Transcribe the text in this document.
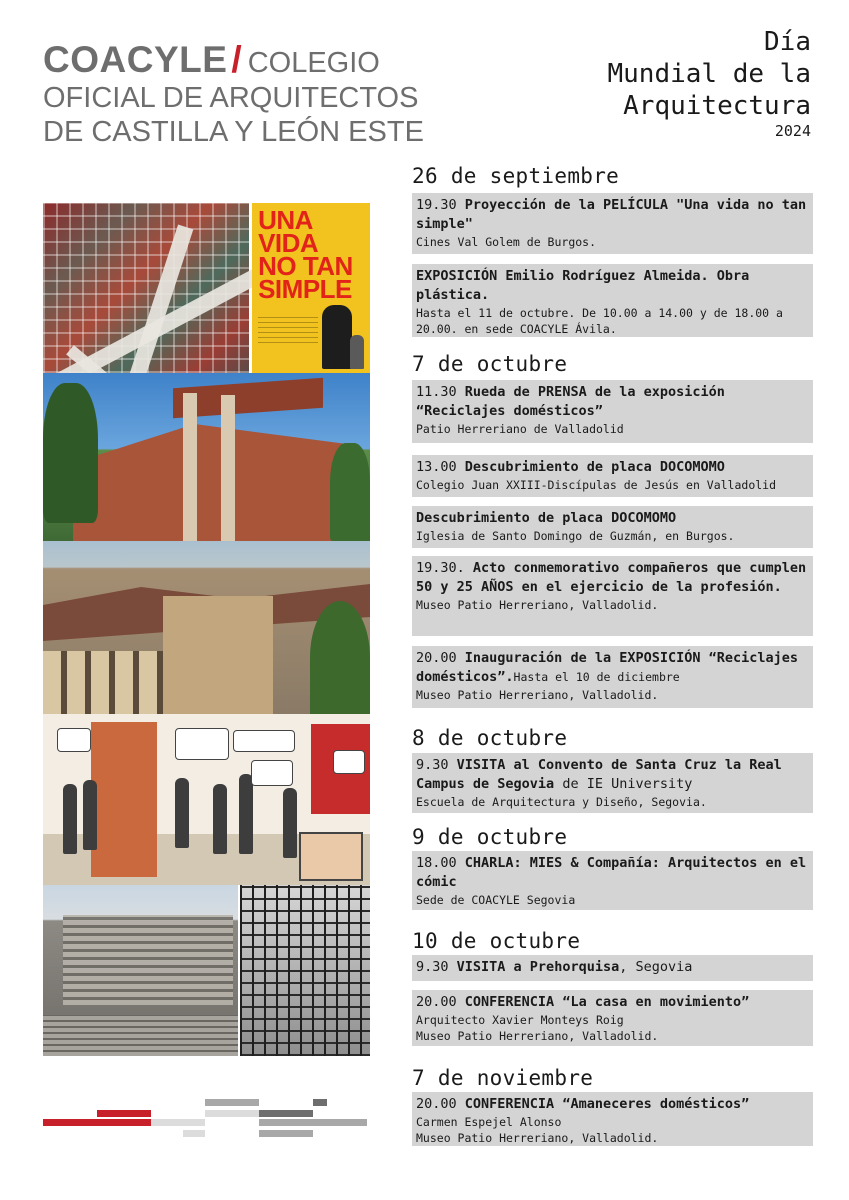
COACYLE / COLEGIO
OFICIAL DE ARQUITECTOS
DE CASTILLA Y LEÓN ESTE
Día
Mundial de la
Arquitectura
2024
UNA
VIDA
NO TAN
SIMPLE
26 de septiembre
19.30 Proyección de la PELÍCULA "Una vida no tan simple"
Cines Val Golem de Burgos.
EXPOSICIÓN Emilio Rodríguez Almeida. Obra plástica.
Hasta el 11 de octubre. De 10.00 a 14.00 y de 18.00 a
20.00. en sede COACYLE Ávila.
7 de octubre
11.30 Rueda de PRENSA de la exposición “Reciclajes domésticos”
Patio Herreriano de Valladolid
13.00 Descubrimiento de placa DOCOMOMO
Colegio Juan XXIII-Discípulas de Jesús en Valladolid
Descubrimiento de placa DOCOMOMO
Iglesia de Santo Domingo de Guzmán, en Burgos.
19.30. Acto conmemorativo compañeros que cumplen 50 y 25 AÑOS en el ejercicio de la profesión.
Museo Patio Herreriano, Valladolid.
20.00 Inauguración de la EXPOSICIÓN “Reciclajes domésticos”.Hasta el 10 de diciembre
Museo Patio Herreriano, Valladolid.
8 de octubre
9.30 VISITA al Convento de Santa Cruz la Real Campus de Segovia de IE University
Escuela de Arquitectura y Diseño, Segovia.
9 de octubre
18.00 CHARLA: MIES & Compañía: Arquitectos en el cómic
Sede de COACYLE Segovia
10 de octubre
9.30 VISITA a Prehorquisa, Segovia
20.00 CONFERENCIA “La casa en movimiento”
Arquitecto Xavier Monteys Roig
Museo Patio Herreriano, Valladolid.
7 de noviembre
20.00 CONFERENCIA “Amaneceres domésticos”
Carmen Espejel Alonso
Museo Patio Herreriano, Valladolid.
